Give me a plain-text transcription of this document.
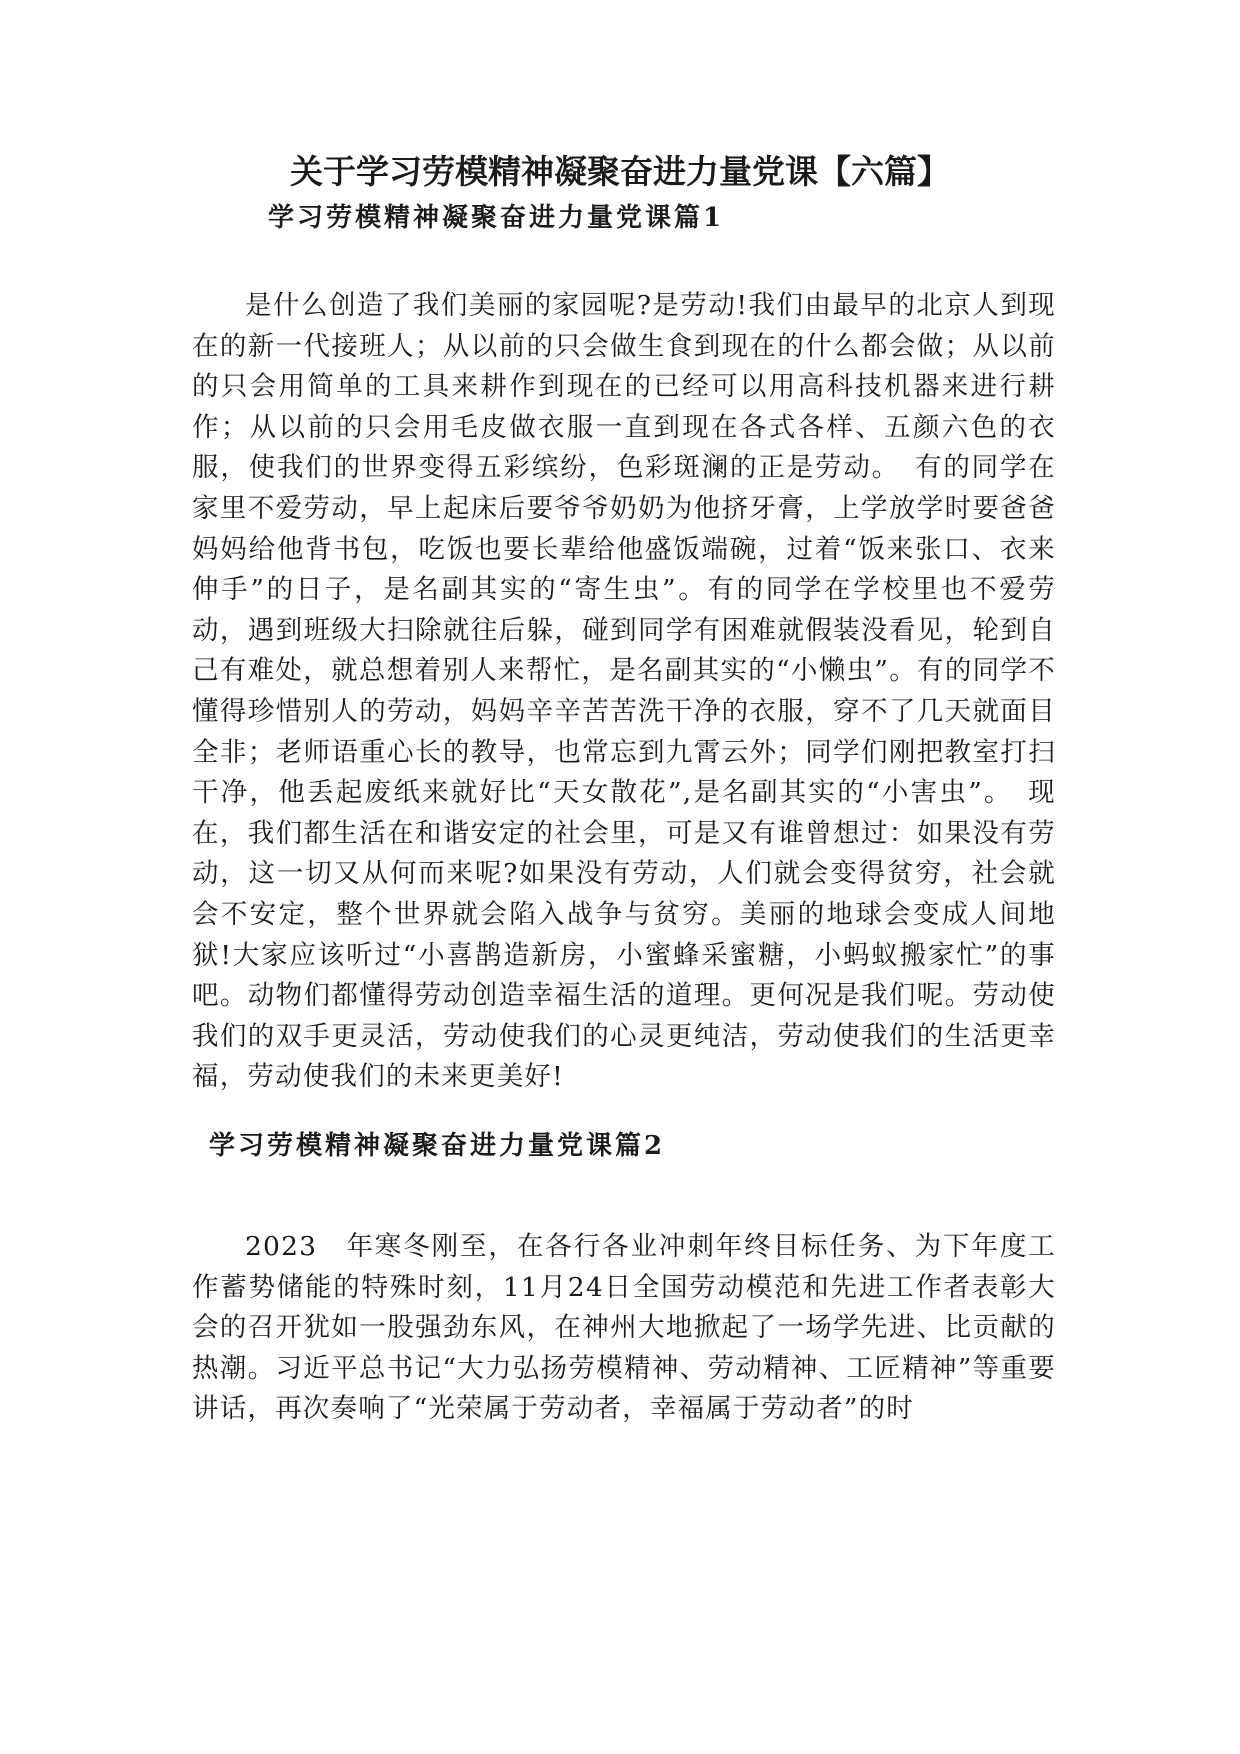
关于学习劳模精神凝聚奋进力量党课【六篇】
学习劳模精神凝聚奋进力量党课篇1

是什么创造了我们美丽的家园呢?是劳动!我们由最早的北京人到现在的新一代接班人；从以前的只会做生食到现在的什么都会做；从以前的只会用简单的工具来耕作到现在的已经可以用高科技机器来进行耕作；从以前的只会用毛皮做衣服一直到现在各式各样、五颜六色的衣服，使我们的世界变得五彩缤纷，色彩斑澜的正是劳动。　有的同学在家里不爱劳动，早上起床后要爷爷奶奶为他挤牙膏，上学放学时要爸爸妈妈给他背书包，吃饭也要长辈给他盛饭端碗，过着“饭来张口、衣来伸手”的日子，是名副其实的“寄生虫”。有的同学在学校里也不爱劳动，遇到班级大扫除就往后躲，碰到同学有困难就假装没看见，轮到自己有难处，就总想着别人来帮忙，是名副其实的“小懒虫”。有的同学不懂得珍惜别人的劳动，妈妈辛辛苦苦洗干净的衣服，穿不了几天就面目全非；老师语重心长的教导，也常忘到九霄云外；同学们刚把教室打扫干净，他丢起废纸来就好比“天女散花”,是名副其实的“小害虫”。　现在，我们都生活在和谐安定的社会里，可是又有谁曾想过：如果没有劳动，这一切又从何而来呢?如果没有劳动，人们就会变得贫穷，社会就会不安定，整个世界就会陷入战争与贫穷。美丽的地球会变成人间地狱!大家应该听过“小喜鹊造新房，小蜜蜂采蜜糖，小蚂蚁搬家忙”的事吧。动物们都懂得劳动创造幸福生活的道理。更何况是我们呢。劳动使我们的双手更灵活，劳动使我们的心灵更纯洁，劳动使我们的生活更幸福，劳动使我们的未来更美好!

学习劳模精神凝聚奋进力量党课篇2

2023　年寒冬刚至，在各行各业冲刺年终目标任务、为下年度工作蓄势储能的特殊时刻，11月24日全国劳动模范和先进工作者表彰大会的召开犹如一股强劲东风，在神州大地掀起了一场学先进、比贡献的热潮。习近平总书记“大力弘扬劳模精神、劳动精神、工匠精神”等重要讲话，再次奏响了“光荣属于劳动者，幸福属于劳动者”的时
